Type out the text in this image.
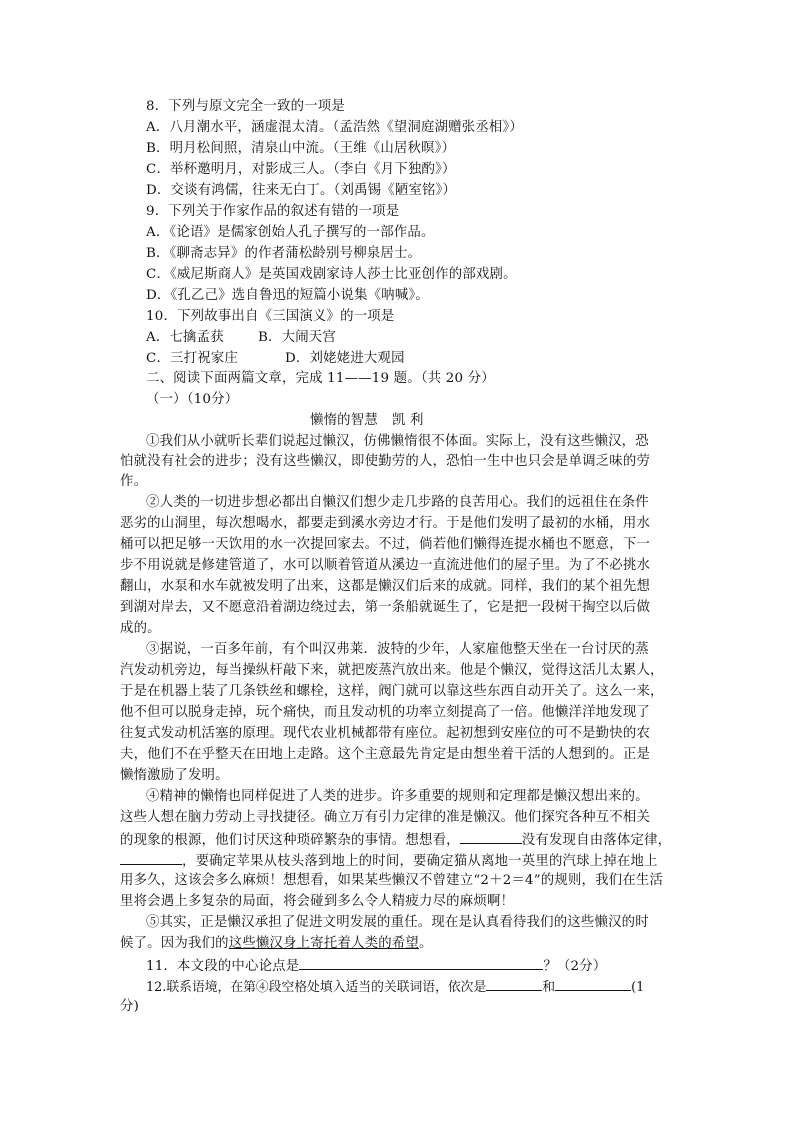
8．下列与原文完全一致的一项是
A．八月潮水平，涵虚混太清。（孟浩然《望洞庭湖赠张丞相》）
B．明月松间照，清泉山中流。（王维《山居秋暝》）
C．举杯邀明月，对影成三人。（李白《月下独酌》）
D．交谈有鸿儒，往来无白丁。（刘禹锡《陋室铭》）
9．下列关于作家作品的叙述有错的一项是
A．《论语》是儒家创始人孔子撰写的一部作品。
B．《聊斋志异》的作者蒲松龄别号柳泉居士。
C．《威尼斯商人》是英国戏剧家诗人莎士比亚创作的部戏剧。
D．《孔乙己》选自鲁迅的短篇小说集《呐喊》。
10．下列故事出自《三国演义》的一项是
A．七擒孟获	B．大闹天宫
C．三打祝家庄	D．刘姥姥进大观园
二、阅读下面两篇文章，完成 11——19 题。（共 20 分）
（一）（10分）
懒惰的智慧 凯 利
①我们从小就听长辈们说起过懒汉，仿佛懒惰很不体面。实际上，没有这些懒汉，恐
怕就没有社会的进步；没有这些懒汉，即使勤劳的人，恐怕一生中也只会是单调乏味的劳
作。
②人类的一切进步想必都出自懒汉们想少走几步路的良苦用心。我们的远祖住在条件
恶劣的山洞里，每次想喝水，都要走到溪水旁边才行。于是他们发明了最初的水桶，用水
桶可以把足够一天饮用的水一次提回家去。不过，倘若他们懒得连提水桶也不愿意，下一
步不用说就是修建管道了，水可以顺着管道从溪边一直流进他们的屋子里。为了不必挑水
翻山，水泵和水车就被发明了出来，这都是懒汉们后来的成就。同样，我们的某个祖先想
到湖对岸去，又不愿意沿着湖边绕过去，第一条船就诞生了，它是把一段树干掏空以后做
成的。
③据说，一百多年前，有个叫汉弗莱．波特的少年，人家雇他整天坐在一台讨厌的蒸
汽发动机旁边，每当操纵杆敲下来，就把废蒸汽放出来。他是个懒汉，觉得这活儿太累人，
于是在机器上装了几条铁丝和螺栓，这样，阀门就可以靠这些东西自动开关了。这么一来，
他不但可以脱身走掉，玩个痛快，而且发动机的功率立刻提高了一倍。他懒洋洋地发现了
往复式发动机活塞的原理。现代农业机械都带有座位。起初想到安座位的可不是勤快的农
夫，他们不在乎整天在田地上走路。这个主意最先肯定是由想坐着干活的人想到的。正是
懒惰激励了发明。
④精神的懒惰也同样促进了人类的进步。许多重要的规则和定理都是懒汉想出来的。
这些人想在脑力劳动上寻找捷径。确立万有引力定律的准是懒汉。他们探究各种互不相关
的现象的根源，他们讨厌这种琐碎繁杂的事情。想想看，	没有发现自由落体定律，
，要确定苹果从枝头落到地上的时间，要确定猫从离地一英里的汽球上掉在地上
用多久，这该会多么麻烦！想想看，如果某些懒汉不曾建立“2＋2＝4”的规则，我们在生活
里将会遇上多复杂的局面，将会碰到多么令人精疲力尽的麻烦啊！
⑤其实，正是懒汉承担了促进文明发展的重任。现在是认真看待我们的这些懒汉的时
候了。因为我们的这些懒汉身上寄托着人类的希望。
11．本文段的中心论点是	？（2分）
12.联系语境，在第④段空格处填入适当的关联词语，依次是	和	(1
分)
